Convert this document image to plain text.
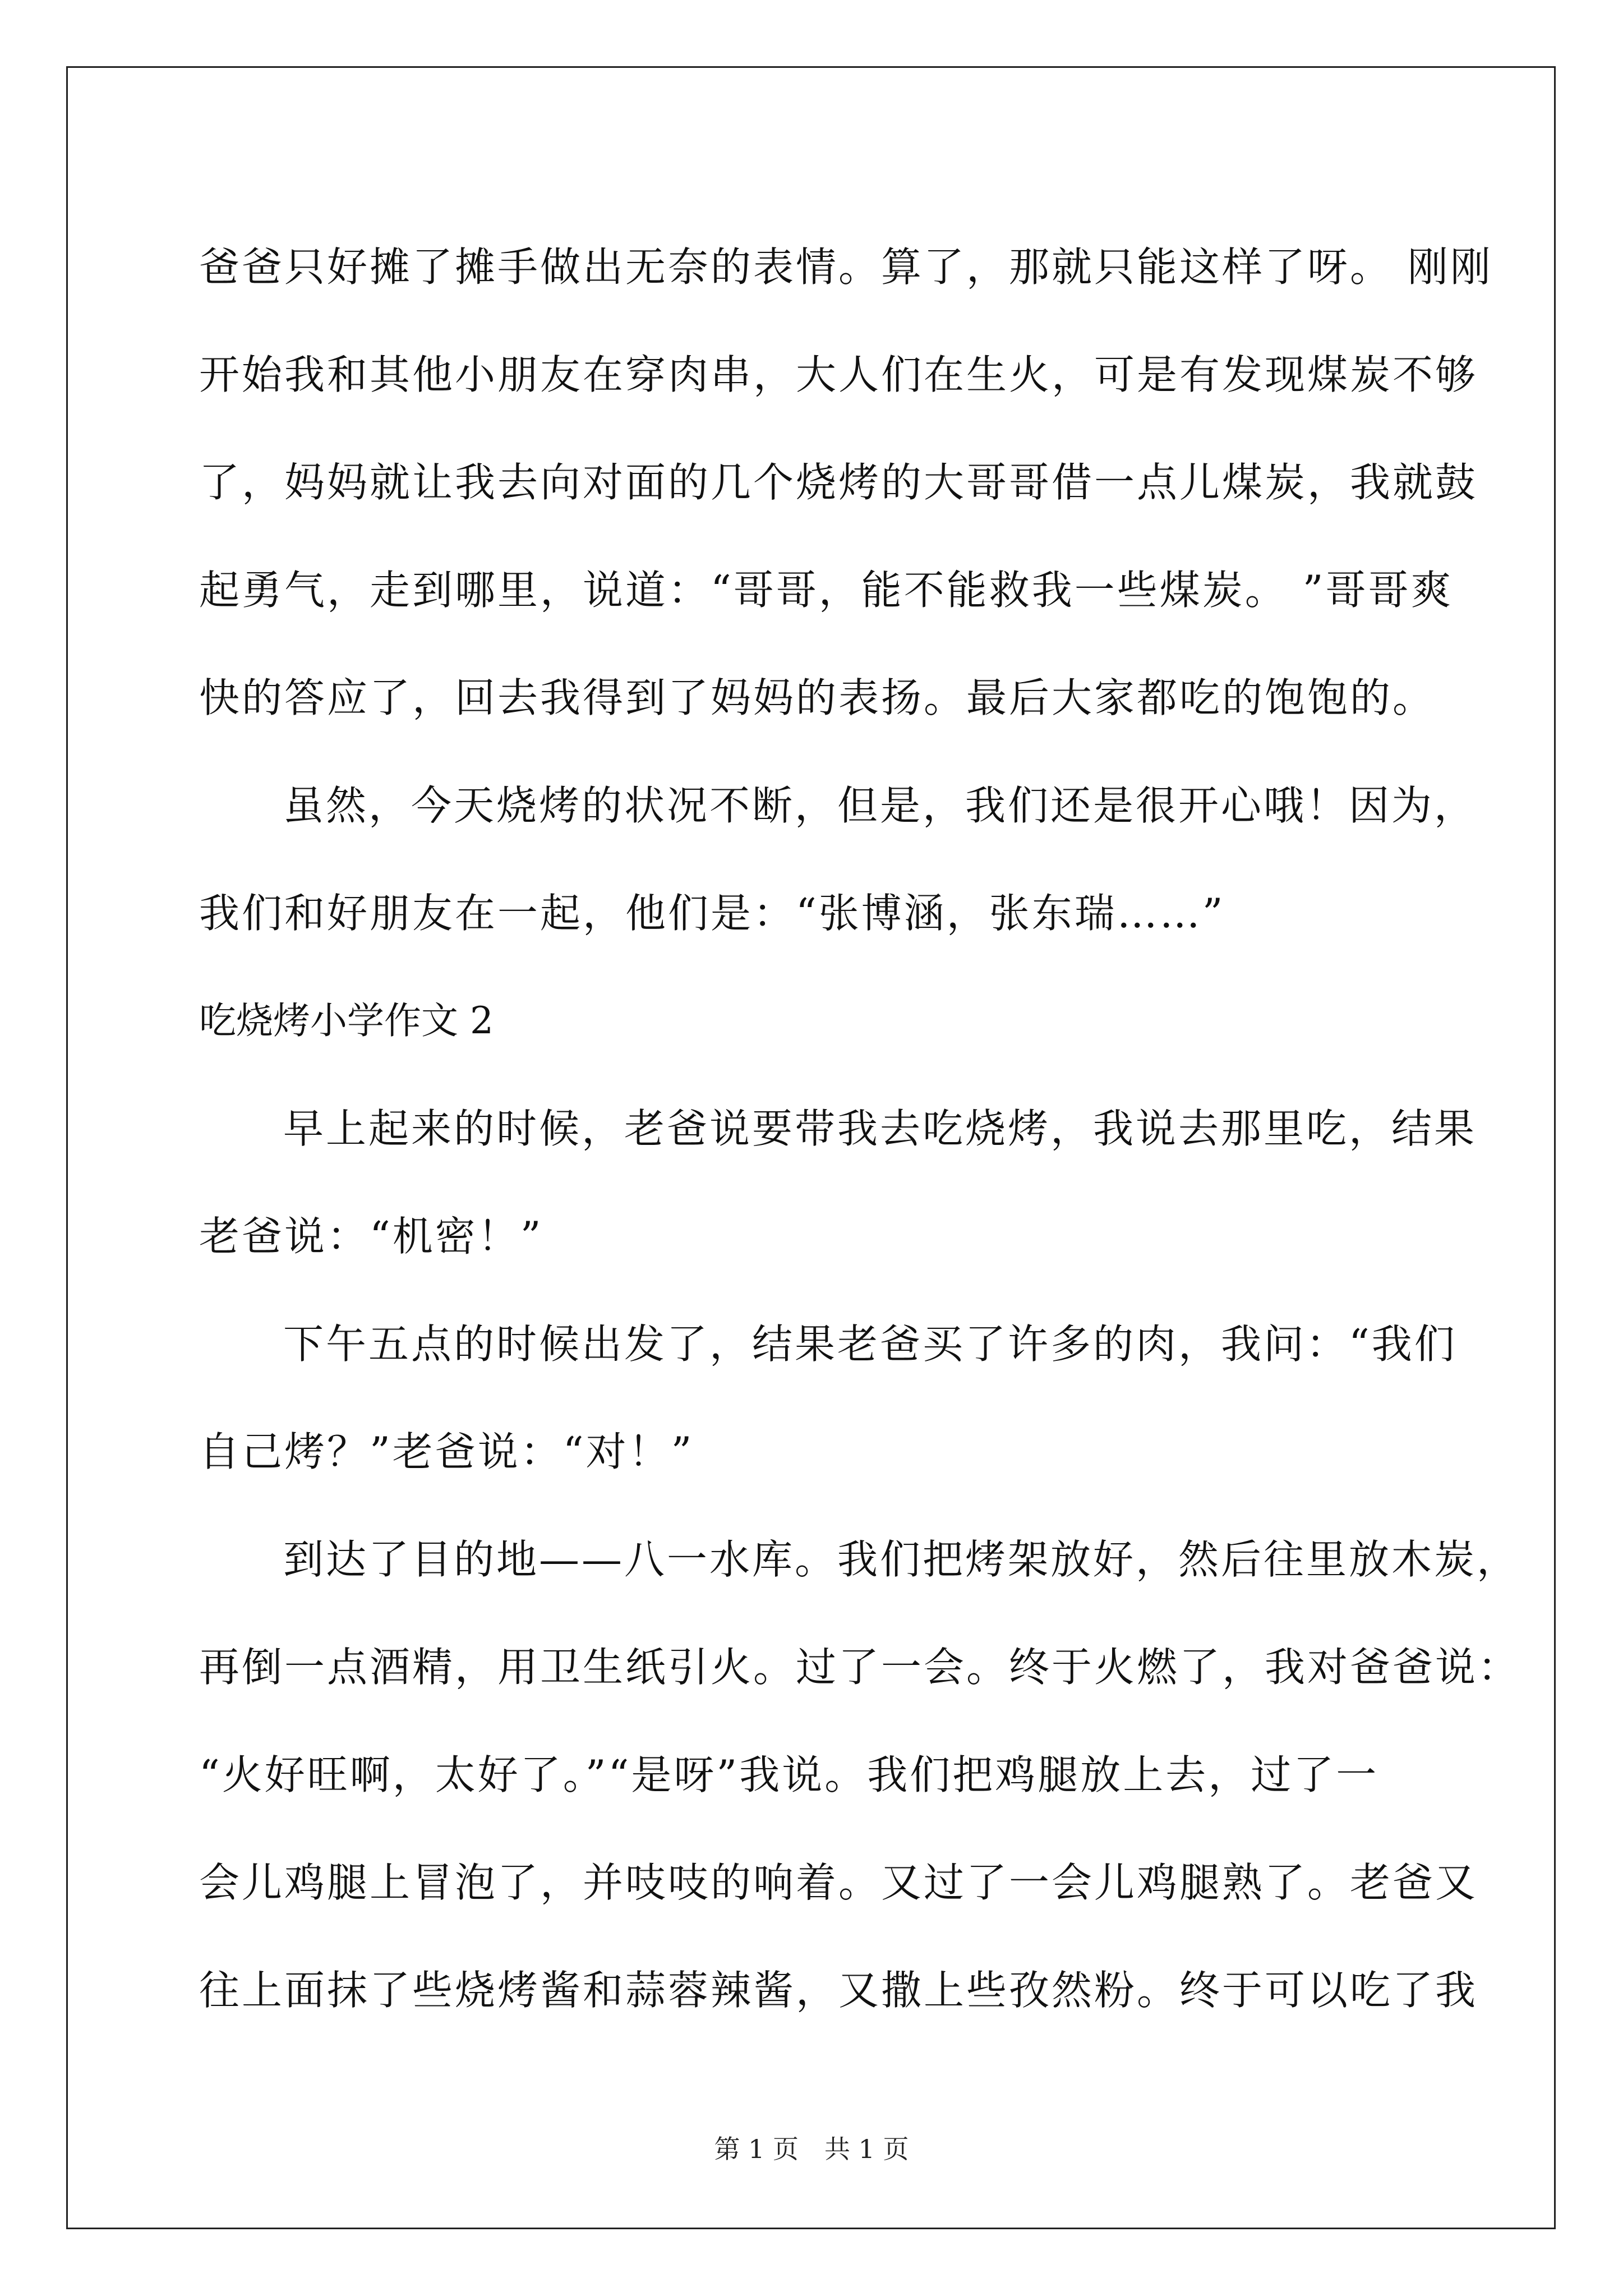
爸爸只好摊了摊手做出无奈的表情。算了，那就只能这样了呀。 刚刚
开始我和其他小朋友在穿肉串，大人们在生火，可是有发现煤炭不够
了，妈妈就让我去向对面的几个烧烤的大哥哥借一点儿煤炭，我就鼓
起勇气，走到哪里，说道：“哥哥，能不能救我一些煤炭。 ”哥哥爽
快的答应了，回去我得到了妈妈的表扬。最后大家都吃的饱饱的。
虽然，今天烧烤的状况不断，但是，我们还是很开心哦！因为，
我们和好朋友在一起，他们是：“张博涵，张东瑞……”
吃烧烤小学作文 2
早上起来的时候，老爸说要带我去吃烧烤，我说去那里吃，结果
老爸说：“机密！”
下午五点的时候出发了，结果老爸买了许多的肉，我问：“我们
自己烤？”老爸说：“对！”
到达了目的地——八一水库。我们把烤架放好，然后往里放木炭，
再倒一点酒精，用卫生纸引火。过了一会。终于火燃了，我对爸爸说：
“火好旺啊，太好了。”“是呀”我说。我们把鸡腿放上去，过了一
会儿鸡腿上冒泡了，并吱吱的响着。又过了一会儿鸡腿熟了。老爸又
往上面抹了些烧烤酱和蒜蓉辣酱，又撒上些孜然粉。终于可以吃了我
第 1 页　共 1 页
